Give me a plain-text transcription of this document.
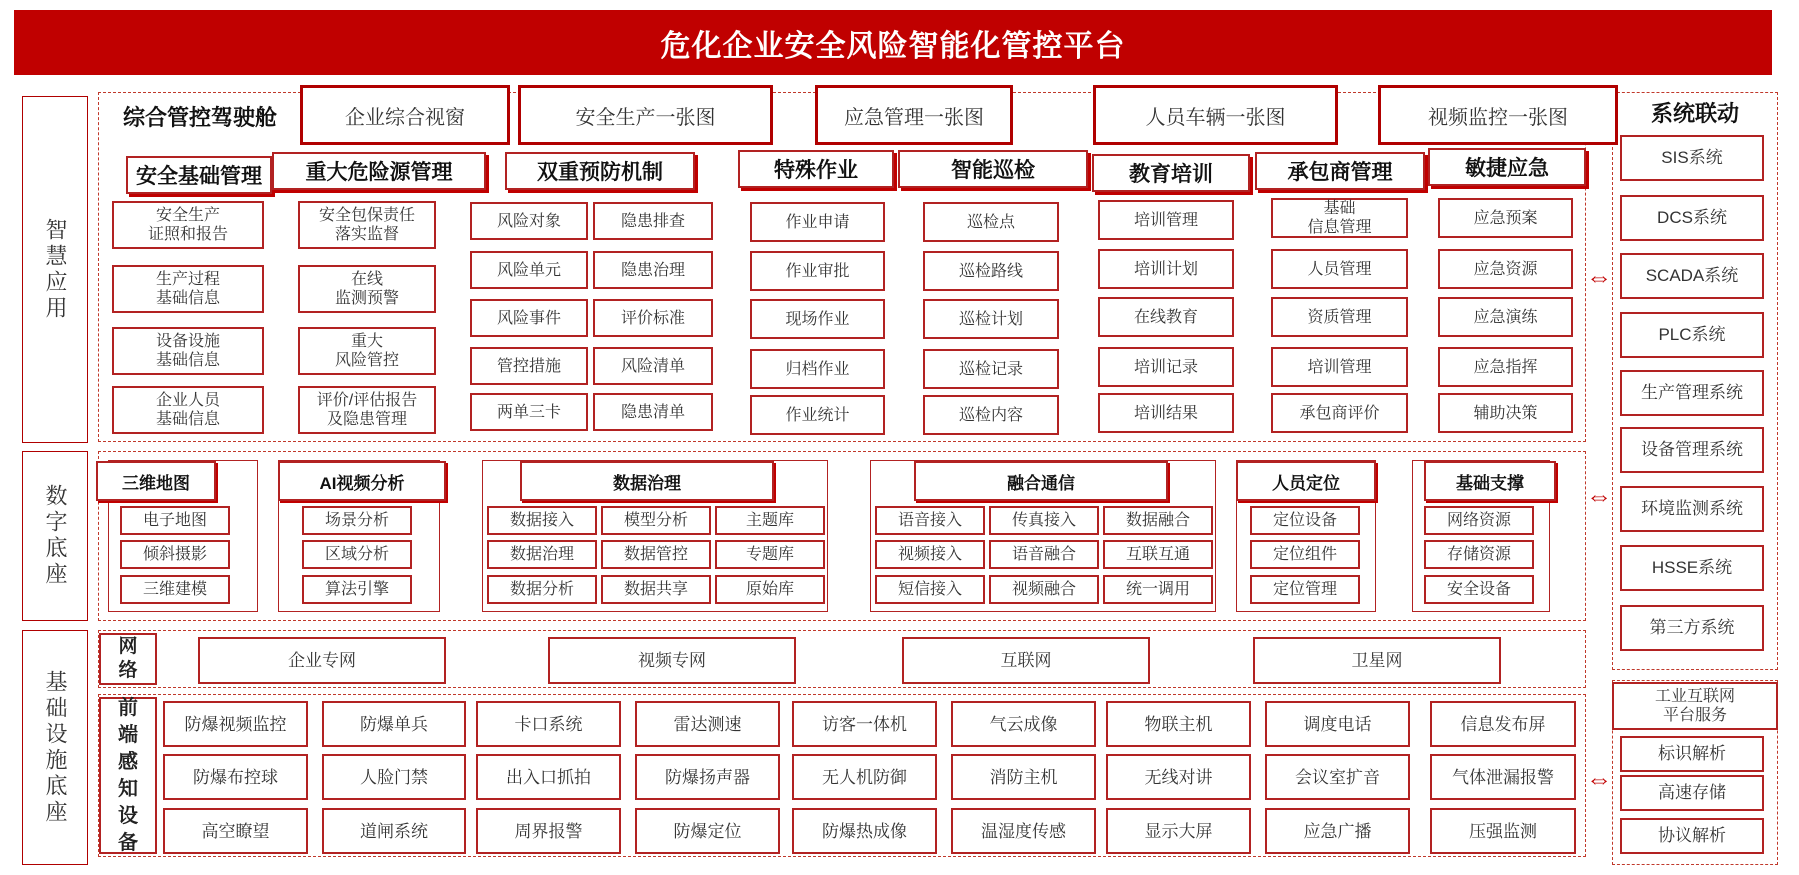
危化企业安全风险智能化管控平台
智慧应用
数字底座
基础设施底座
综合管控驾驶舱
网
络
前
端
感
知
设
备
系统联动
工业互联网
平台服务
⇔
⇔
⇔
企业综合视窗	安全生产一张图	应急管理一张图	人员车辆一张图	视频监控一张图
安全基础管理	重大危险源管理	双重预防机制	特殊作业	智能巡检	教育培训	承包商管理	敏捷应急
安全生产
证照和报告
生产过程
基础信息
设备设施
基础信息
企业人员
基础信息
安全包保责任
落实监督
在线
监测预警
重大
风险管控
评价/评估报告
及隐患管理
风险对象	隐患排查
风险单元	隐患治理
风险事件	评价标准
管控措施	风险清单
两单三卡	隐患清单
作业申请
作业审批
现场作业
归档作业
作业统计
巡检点
巡检路线
巡检计划
巡检记录
巡检内容
培训管理
培训计划
在线教育
培训记录
培训结果
基础
信息管理
人员管理
资质管理
培训管理
承包商评价
应急预案
应急资源
应急演练
应急指挥
辅助决策
三维地图
电子地图
倾斜摄影
三维建模
AI视频分析
场景分析
区域分析
算法引擎
数据治理
数据接入	模型分析	主题库
数据治理	数据管控	专题库
数据分析	数据共享	原始库
融合通信
语音接入	传真接入	数据融合
视频接入	语音融合	互联互通
短信接入	视频融合	统一调用
人员定位
定位设备
定位组件
定位管理
基础支撑
网络资源
存储资源
安全设备
企业专网	视频专网	互联网	卫星网
防爆视频监控	防爆单兵	卡口系统	雷达测速	访客一体机	气云成像	物联主机	调度电话	信息发布屏
防爆布控球	人脸门禁	出入口抓拍	防爆扬声器	无人机防御	消防主机	无线对讲	会议室扩音	气体泄漏报警
高空瞭望	道闸系统	周界报警	防爆定位	防爆热成像	温湿度传感	显示大屏	应急广播	压强监测
SIS系统
DCS系统
SCADA系统
PLC系统
生产管理系统
设备管理系统
环境监测系统
HSSE系统
第三方系统
标识解析
高速存储
协议解析
